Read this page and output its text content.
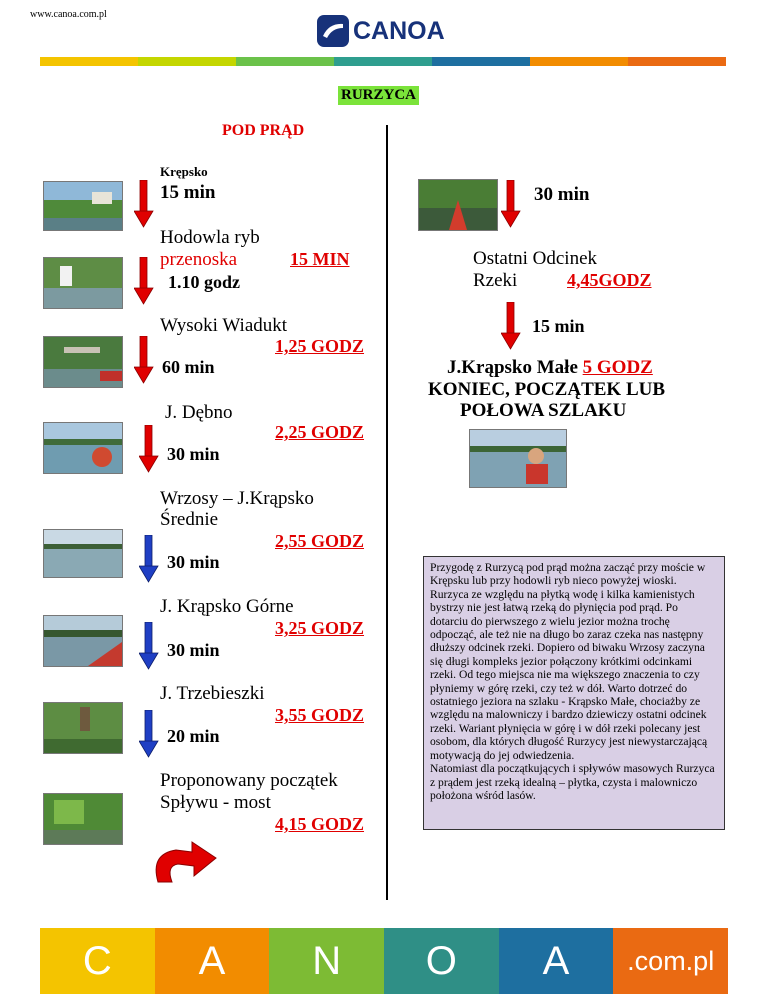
www.canoa.com.pl
CANOA
RURZYCA
POD PRĄD
Krępsko
15 min
Hodowla ryb
przenoska	15 MIN
1.10 godz
Wysoki Wiadukt
1,25 GODZ
60 min
J. Dębno
2,25 GODZ
30 min
Wrzosy – J.Krąpsko
Średnie
2,55 GODZ
30 min
J. Krąpsko Górne
3,25 GODZ
30 min
J. Trzebieszki
3,55 GODZ
20 min
Proponowany początek
Spływu - most
4,15 GODZ
30 min
Ostatni Odcinek
Rzeki	4,45GODZ
15 min
J.Krąpsko Małe 5 GODZ
KONIEC, POCZĄTEK LUB
POŁOWA SZLAKU
Przygodę z Rurzycą pod prąd można zacząć przy moście w Krępsku lub przy hodowli ryb nieco powyżej wioski. Rurzyca ze względu na płytką wodę i kilka kamienistych bystrzy nie jest łatwą rzeką do płynięcia pod prąd. Po dotarciu do pierwszego z wielu jezior można trochę odpocząć, ale też nie na długo bo zaraz czeka nas następny dłuższy odcinek rzeki. Dopiero od biwaku Wrzosy zaczyna się długi kompleks jezior połączony krótkimi odcinkami rzeki. Od tego miejsca nie ma większego znaczenia to czy płyniemy w górę rzeki, czy też w dół. Warto dotrzeć do ostatniego jeziora na szlaku - Krąpsko Małe, chociażby ze względu na malowniczy i bardzo dziewiczy ostatni odcinek rzeki. Wariant płynięcia w górę i w dół rzeki polecany jest osobom, dla których długość Rurzycy jest niewystarczającą motywacją do jej odwiedzenia.
Natomiast dla początkujących i spływów masowych Rurzyca z prądem jest rzeką idealną – płytka, czysta i malowniczo położona wśród lasów.
C	A	N	O	A	.com.pl
